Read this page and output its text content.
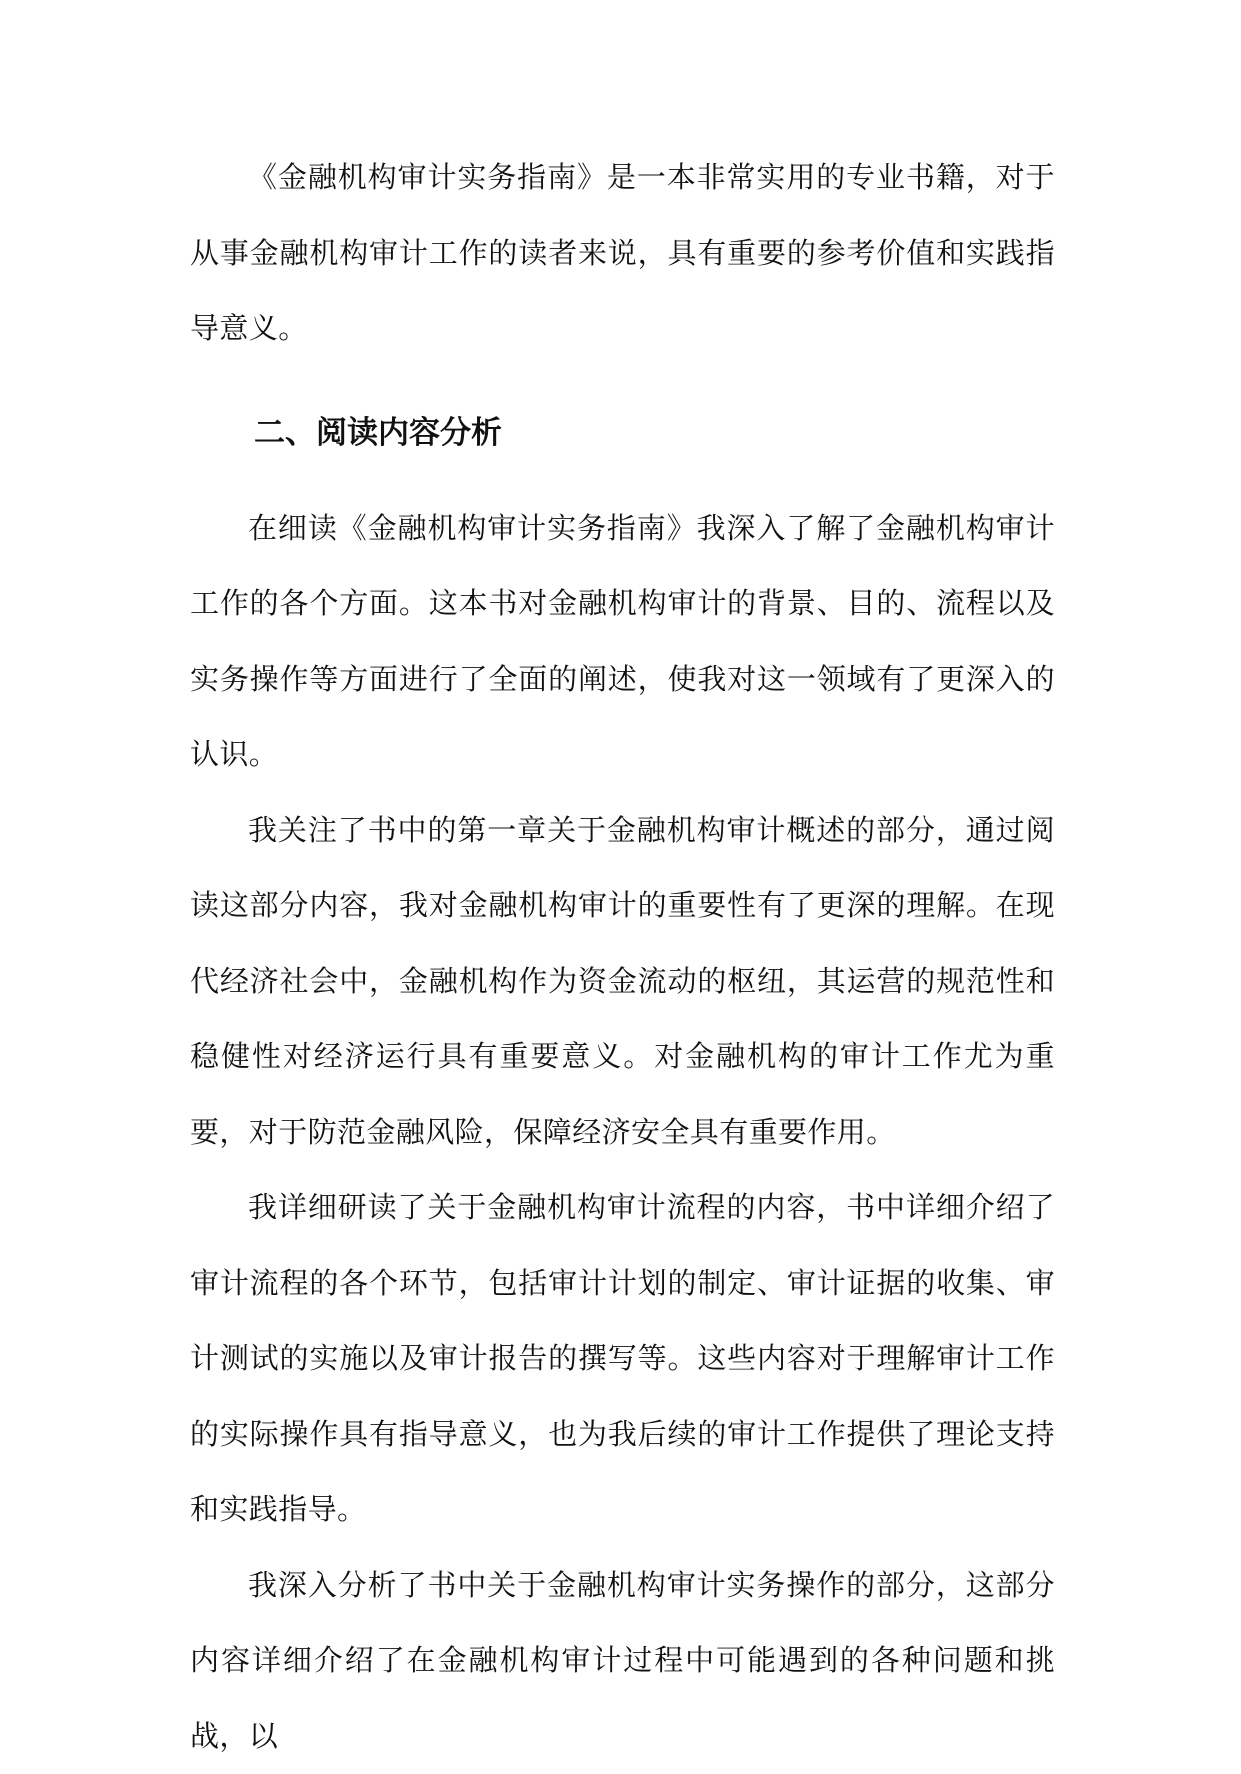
《金融机构审计实务指南》是一本非常实用的专业书籍，对于从事金融机构审计工作的读者来说，具有重要的参考价值和实践指导意义。

二、阅读内容分析

在细读《金融机构审计实务指南》我深入了解了金融机构审计工作的各个方面。这本书对金融机构审计的背景、目的、流程以及实务操作等方面进行了全面的阐述，使我对这一领域有了更深入的认识。

我关注了书中的第一章关于金融机构审计概述的部分，通过阅读这部分内容，我对金融机构审计的重要性有了更深的理解。在现代经济社会中，金融机构作为资金流动的枢纽，其运营的规范性和稳健性对经济运行具有重要意义。对金融机构的审计工作尤为重要，对于防范金融风险，保障经济安全具有重要作用。

我详细研读了关于金融机构审计流程的内容，书中详细介绍了审计流程的各个环节，包括审计计划的制定、审计证据的收集、审计测试的实施以及审计报告的撰写等。这些内容对于理解审计工作的实际操作具有指导意义，也为我后续的审计工作提供了理论支持和实践指导。

我深入分析了书中关于金融机构审计实务操作的部分，这部分内容详细介绍了在金融机构审计过程中可能遇到的各种问题和挑战，以
